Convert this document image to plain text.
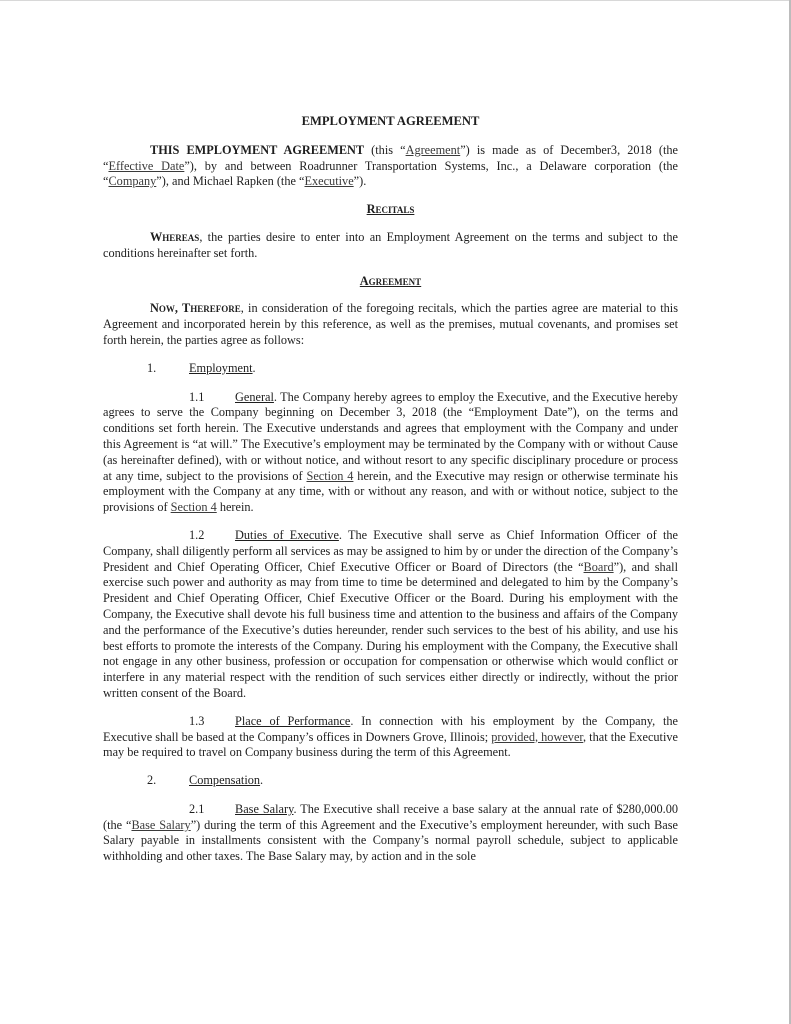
EMPLOYMENT AGREEMENT

THIS EMPLOYMENT AGREEMENT (this “Agreement”) is made as of December3, 2018 (the “Effective Date”), by and between Roadrunner Transportation Systems, Inc., a Delaware corporation (the “Company”), and Michael Rapken (the “Executive”).

Recitals

Whereas, the parties desire to enter into an Employment Agreement on the terms and subject to the conditions hereinafter set forth.

Agreement

Now, Therefore, in consideration of the foregoing recitals, which the parties agree are material to this Agreement and incorporated herein by this reference, as well as the premises, mutual covenants, and promises set forth herein, the parties agree as follows:

1.	Employment.

1.1 General. The Company hereby agrees to employ the Executive, and the Executive hereby agrees to serve the Company beginning on December 3, 2018 (the “Employment Date”), on the terms and conditions set forth herein. The Executive understands and agrees that employment with the Company and under this Agreement is “at will.” The Executive’s employment may be terminated by the Company with or without Cause (as hereinafter defined), with or without notice, and without resort to any specific disciplinary procedure or process at any time, subject to the provisions of Section 4 herein, and the Executive may resign or otherwise terminate his employment with the Company at any time, with or without any reason, and with or without notice, subject to the provisions of Section 4 herein.

1.2 Duties of Executive. The Executive shall serve as Chief Information Officer of the Company, shall diligently perform all services as may be assigned to him by or under the direction of the Company’s President and Chief Operating Officer, Chief Executive Officer or Board of Directors (the “Board”), and shall exercise such power and authority as may from time to time be determined and delegated to him by the Company’s President and Chief Operating Officer, Chief Executive Officer or the Board. During his employment with the Company, the Executive shall devote his full business time and attention to the business and affairs of the Company and the performance of the Executive’s duties hereunder, render such services to the best of his ability, and use his best efforts to promote the interests of the Company. During his employment with the Company, the Executive shall not engage in any other business, profession or occupation for compensation or otherwise which would conflict or interfere in any material respect with the rendition of such services either directly or indirectly, without the prior written consent of the Board.

1.3 Place of Performance. In connection with his employment by the Company, the Executive shall be based at the Company’s offices in Downers Grove, Illinois; provided, however, that the Executive may be required to travel on Company business during the term of this Agreement.

2.	Compensation.

2.1 Base Salary. The Executive shall receive a base salary at the annual rate of $280,000.00 (the “Base Salary”) during the term of this Agreement and the Executive’s employment hereunder, with such Base Salary payable in installments consistent with the Company’s normal payroll schedule, subject to applicable withholding and other taxes. The Base Salary may, by action and in the sole
